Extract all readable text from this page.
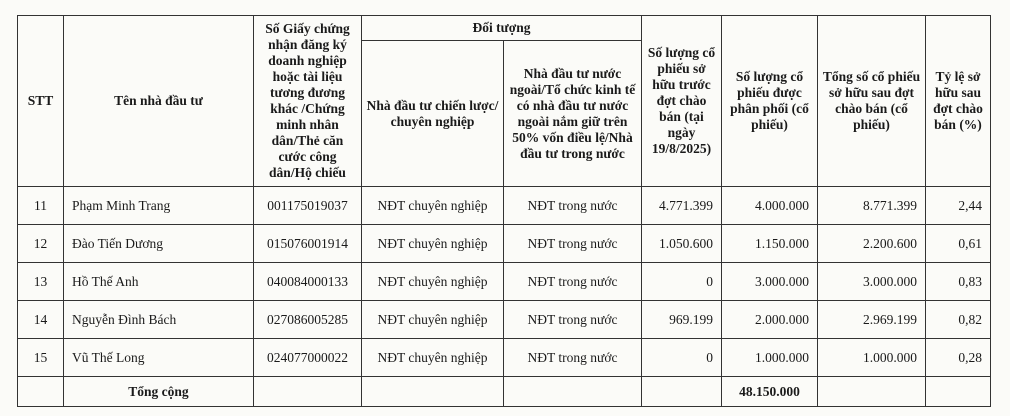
STT	Tên nhà đầu tư	Số Giấy chứng nhận đăng ký doanh nghiệp hoặc tài liệu tương đương khác /Chứng minh nhân dân/Thẻ căn cước công dân/Hộ chiếu	Đối tượng		Số lượng cổ phiếu sở hữu trước đợt chào bán (tại ngày 19/8/2025)	Số lượng cổ phiếu được phân phối (cổ phiếu)	Tổng số cổ phiếu sở hữu sau đợt chào bán (cổ phiếu)	Tỷ lệ sở hữu sau đợt chào bán (%)
			Nhà đầu tư chiến lược/ chuyên nghiệp	Nhà đầu tư nước ngoài/Tổ chức kinh tế có nhà đầu tư nước ngoài nắm giữ trên 50% vốn điều lệ/Nhà đầu tư trong nước				
11	Phạm Minh Trang	001175019037	NĐT chuyên nghiệp	NĐT trong nước	4.771.399	4.000.000	8.771.399	2,44
12	Đào Tiến Dương	015076001914	NĐT chuyên nghiệp	NĐT trong nước	1.050.600	1.150.000	2.200.600	0,61
13	Hồ Thế Anh	040084000133	NĐT chuyên nghiệp	NĐT trong nước	0	3.000.000	3.000.000	0,83
14	Nguyễn Đình Bách	027086005285	NĐT chuyên nghiệp	NĐT trong nước	969.199	2.000.000	2.969.199	0,82
15	Vũ Thế Long	024077000022	NĐT chuyên nghiệp	NĐT trong nước	0	1.000.000	1.000.000	0,28
	Tổng cộng					48.150.000		
